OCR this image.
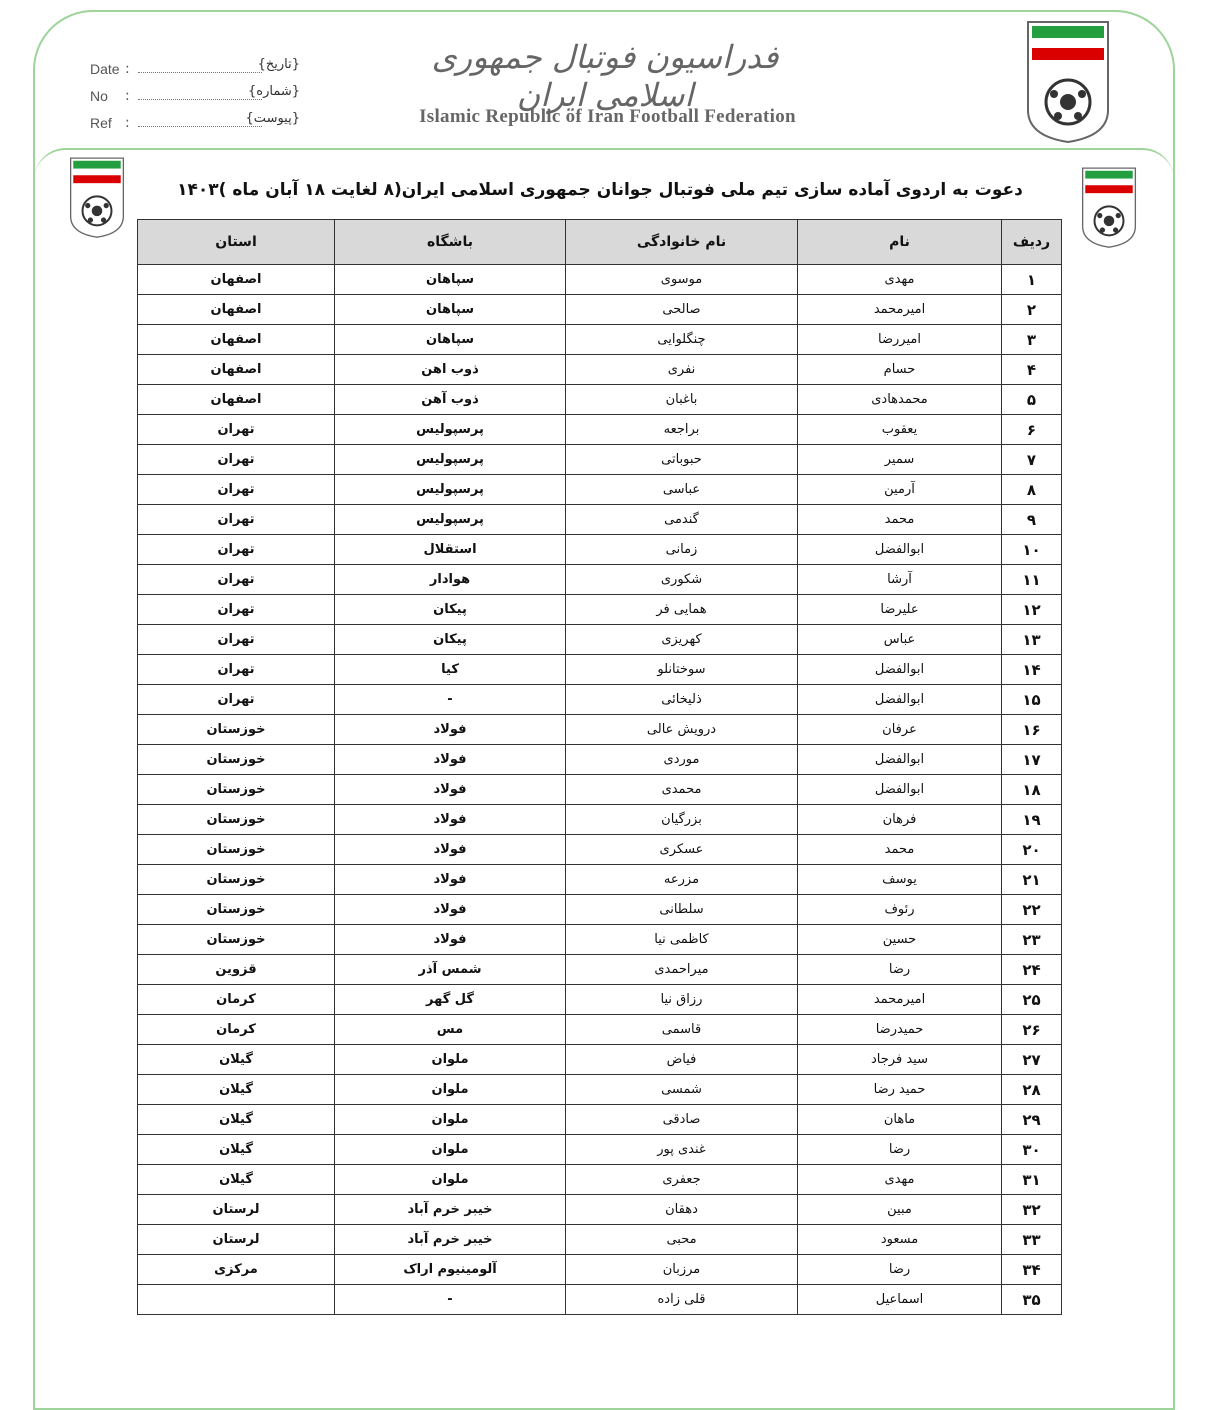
Date :	{تاریخ}
No :	{شماره}
Ref :	{پیوست}
فدراسیون فوتبال جمهوری اسلامی ایران
Islamic Republic of Iran Football Federation
دعوت به اردوی آماده سازی تیم ملی فوتبال جوانان جمهوری اسلامی ایران(۸ لغایت ۱۸ آبان ماه )۱۴۰۳
ردیف	نام	نام خانوادگی	باشگاه	استان
۱	مهدی	موسوی	سپاهان	اصفهان
۲	امیرمحمد	صالحی	سپاهان	اصفهان
۳	امیررضا	چنگلوایی	سپاهان	اصفهان
۴	حسام	نفری	ذوب اهن	اصفهان
۵	محمدهادی	باغبان	ذوب آهن	اصفهان
۶	یعقوب	براجعه	پرسپولیس	تهران
۷	سمیر	حبوباتی	پرسپولیس	تهران
۸	آرمین	عباسی	پرسپولیس	تهران
۹	محمد	گندمی	پرسپولیس	تهران
۱۰	ابوالفضل	زمانی	استقلال	تهران
۱۱	آرشا	شکوری	هوادار	تهران
۱۲	علیرضا	همایی فر	پیکان	تهران
۱۳	عباس	کهریزی	پیکان	تهران
۱۴	ابوالفضل	سوختانلو	کیا	تهران
۱۵	ابوالفضل	ذلیخائی	-	تهران
۱۶	عرفان	درویش عالی	فولاد	خوزستان
۱۷	ابوالفضل	موردی	فولاد	خوزستان
۱۸	ابوالفضل	محمدی	فولاد	خوزستان
۱۹	فرهان	بزرگیان	فولاد	خوزستان
۲۰	محمد	عسکری	فولاد	خوزستان
۲۱	یوسف	مزرعه	فولاد	خوزستان
۲۲	رئوف	سلطانی	فولاد	خوزستان
۲۳	حسین	کاظمی نیا	فولاد	خوزستان
۲۴	رضا	میراحمدی	شمس آذر	قزوین
۲۵	امیرمحمد	رزاق نیا	گل گهر	کرمان
۲۶	حمیدرضا	قاسمی	مس	کرمان
۲۷	سید فرجاد	فیاض	ملوان	گیلان
۲۸	حمید رضا	شمسی	ملوان	گیلان
۲۹	ماهان	صادقی	ملوان	گیلان
۳۰	رضا	غندی پور	ملوان	گیلان
۳۱	مهدی	جعفری	ملوان	گیلان
۳۲	مبین	دهقان	خیبر خرم آباد	لرستان
۳۳	مسعود	محبی	خیبر خرم آباد	لرستان
۳۴	رضا	مرزبان	آلومینیوم اراک	مرکزی
۳۵	اسماعیل	قلی زاده	-	
